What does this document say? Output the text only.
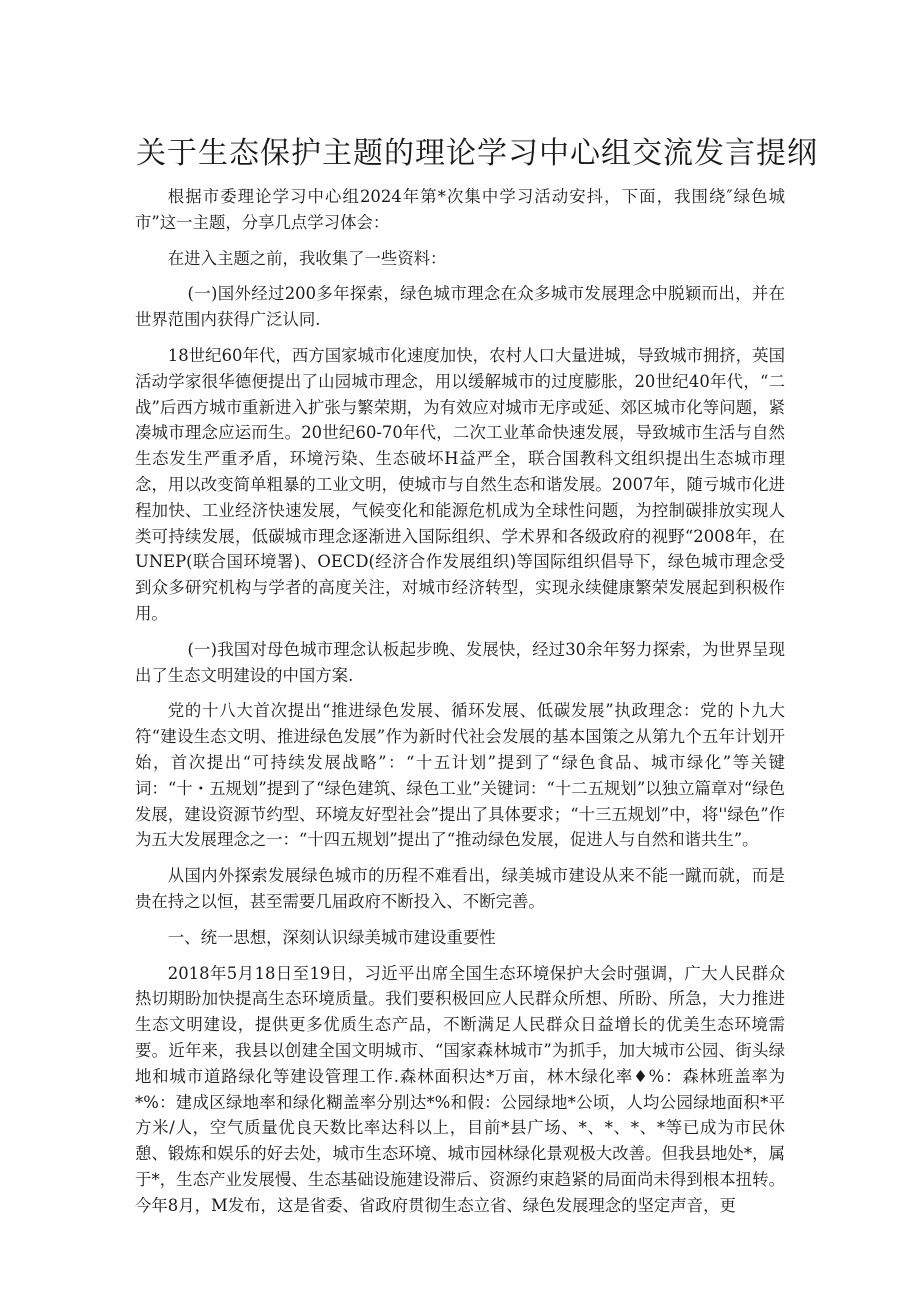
关于生态保护主题的理论学习中心组交流发言提纲

根据市委理论学习中心组2024年第*次集中学习活动安抖，下面，我围绕″绿色城市”这一主题，分享几点学习体会：

在进入主题之前，我收集了一些资料：

(一)国外经过200多年探索，绿色城市理念在众多城市发展理念中脱颖而出，并在世界范围内获得广泛认同.

18世纪60年代，西方国家城市化速度加快，农村人口大量进城，导致城市拥挤，英国活动学家很华德便提出了山园城市理念，用以缓解城市的过度膨胀，20世纪40年代，“二战”后西方城市重新进入扩张与繁荣期，为有效应对城市无序或延、郊区城市化等问题，紧凑城市理念应运而生。20世纪60-70年代，二次工业革命快速发展，导致城市生活与自然生态发生严重矛盾，环境污染、生态破坏H益严全，联合国教科文组织提出生态城市理念，用以改变简单粗暴的工业文明，使城市与自然生态和谐发展。2007年，随亏城市化进程加快、工业经济快速发展，气候变化和能源危机成为全球性问题，为控制碳排放实现人类可持续发展，低碳城市理念逐渐进入国际组织、学术界和各级政府的视野“2008年，在UNEP(联合国环境署)、OECD(经济合作发展组织)等国际组织倡导下，绿色城市理念受到众多研究机构与学者的高度关注，对城市经济转型，实现永续健康繁荣发展起到积极作用。

(一)我国对母色城市理念认板起步晚、发展快，经过30余年努力探索，为世界呈现出了生态文明建设的中国方案.

党的十八大首次提出“推进绿色发展、循环发展、低碳发展”执政理念：党的卜九大符“建设生态文明、推进绿色发展”作为新时代社会发展的基本国策之从第九个五年计划开始，首次提出“可持续发展战略”：“十五计划”提到了“绿色食品、城市绿化”等关键词：“十・五规划”提到了“绿色建筑、绿色工业”关键词：“十二五规划”以独立篇章对“绿色发展，建设资源节约型、环境友好型社会”提出了具体要求；“十三五规划”中，将''绿色”作为五大发展理念之一：“十四五规划”提出了“推动绿色发展，促进人与自然和谐共生”。

从国内外探索发展绿色城市的历程不难看出，绿美城市建设从来不能一蹴而就，而是贵在持之以恒，甚至需要几届政府不断投入、不断完善。

一、统一思想，深刻认识绿美城市建设重要性

2018年5月18日至19日，习近平出席全国生态环境保护大会时强调，广大人民群众热切期盼加快提高生态环境质量。我们要积极回应人民群众所想、所盼、所急，大力推进生态文明建设，提供更多优质生态产品，不断满足人民群众日益增长的优美生态环境需要。近年来，我县以创建全国文明城市、“国家森林城市”为抓手，加大城市公园、街头绿地和城市道路绿化等建设管理工作.森林面积达*万亩，林木绿化率♦%：森林班盖率为*%：建成区绿地率和绿化糊盖率分别达*%和假：公园绿地*公顷，人均公园绿地面积*平方米/人，空气质量优良天数比率达科以上，目前*县广场、*、*、*、*等已成为市民休憩、锻炼和娱乐的好去处，城市生态环境、城市园林绿化景观极大改善。但我县地处*，属于*，生态产业发展慢、生态基础设施建设滞后、资源约束趋紧的局面尚未得到根本扭转。今年8月，M发布，这是省委、省政府贯彻生态立省、绿色发展理念的坚定声音，更
